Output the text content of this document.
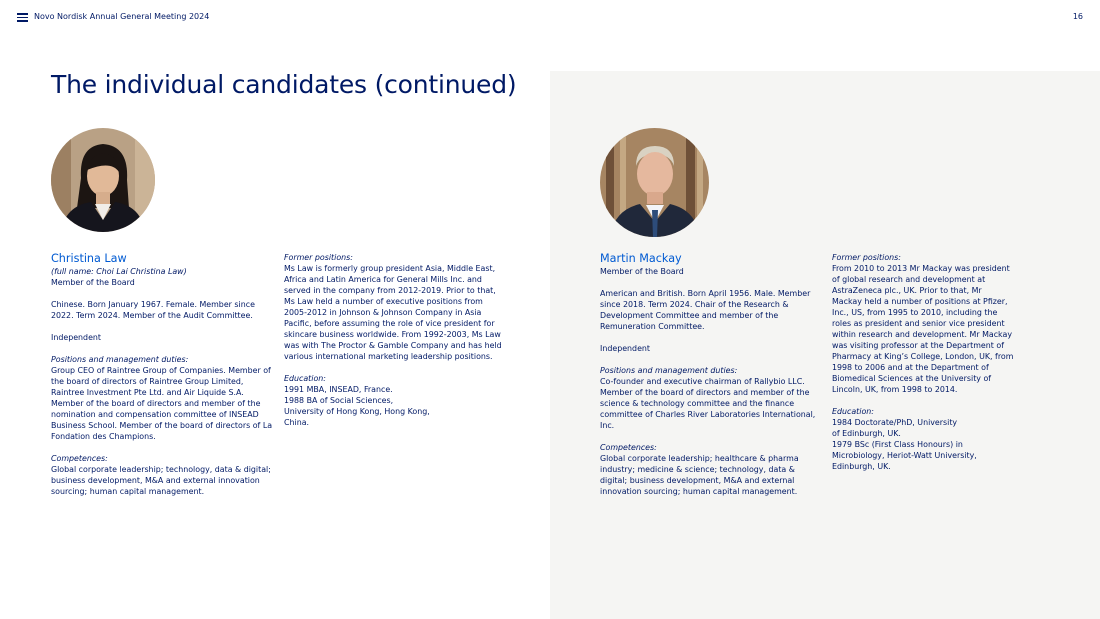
Novo Nordisk Annual General Meeting 2024	16
The individual candidates (continued)
Christina Law
(full name: Choi Lai Christina Law)

Member of the Board

Chinese. Born January 1967. Female. Member since 2022. Term 2024. Member of the Audit Committee.

Independent

Positions and management duties:

Group CEO of Raintree Group of Companies. Member of the board of directors of Raintree Group Limited, Raintree Investment Pte Ltd. and Air Liquide S.A. Member of the board of directors and member of the nomination and compensation committee of INSEAD Business School. Member of the board of directors of La Fondation des Champions.

Competences:

Global corporate leadership; technology, data & digital; business development, M&A and external innovation sourcing; human capital management.

Former positions:

Ms Law is formerly group president Asia, Middle East, Africa and Latin America for General Mills Inc. and served in the company from 2012-2019. Prior to that, Ms Law held a number of executive positions from 2005-2012 in Johnson & Johnson Company in Asia Pacific, before assuming the role of vice president for skincare business worldwide. From 1992-2003, Ms Law was with The Proctor & Gamble Company and has held various international marketing leadership positions.

Education:
1991 MBA, INSEAD, France.
1988 BA of Social Sciences, University of Hong Kong, Hong Kong, China.
Martin Mackay

Member of the Board

American and British. Born April 1956. Male. Member since 2018. Term 2024. Chair of the Research & Development Committee and member of the Remuneration Committee.

Independent

Positions and management duties:

Co-founder and executive chairman of Rallybio LLC. Member of the board of directors and member of the science & technology committee and the finance committee of Charles River Laboratories International, Inc.

Competences:

Global corporate leadership; healthcare & pharma industry; medicine & science; technology, data & digital; business development, M&A and external innovation sourcing; human capital management.

Former positions:

From 2010 to 2013 Mr Mackay was president of global research and development at AstraZeneca plc., UK. Prior to that, Mr Mackay held a number of positions at Pfizer, Inc., US, from 1995 to 2010, including the roles as president and senior vice president within research and development. Mr Mackay was visiting professor at the Department of Pharmacy at King’s College, London, UK, from 1998 to 2006 and at the Department of Biomedical Sciences at the University of Lincoln, UK, from 1998 to 2014.

Education:
1984 Doctorate/PhD, University of Edinburgh, UK.
1979 BSc (First Class Honours) in Microbiology, Heriot-Watt University, Edinburgh, UK.
